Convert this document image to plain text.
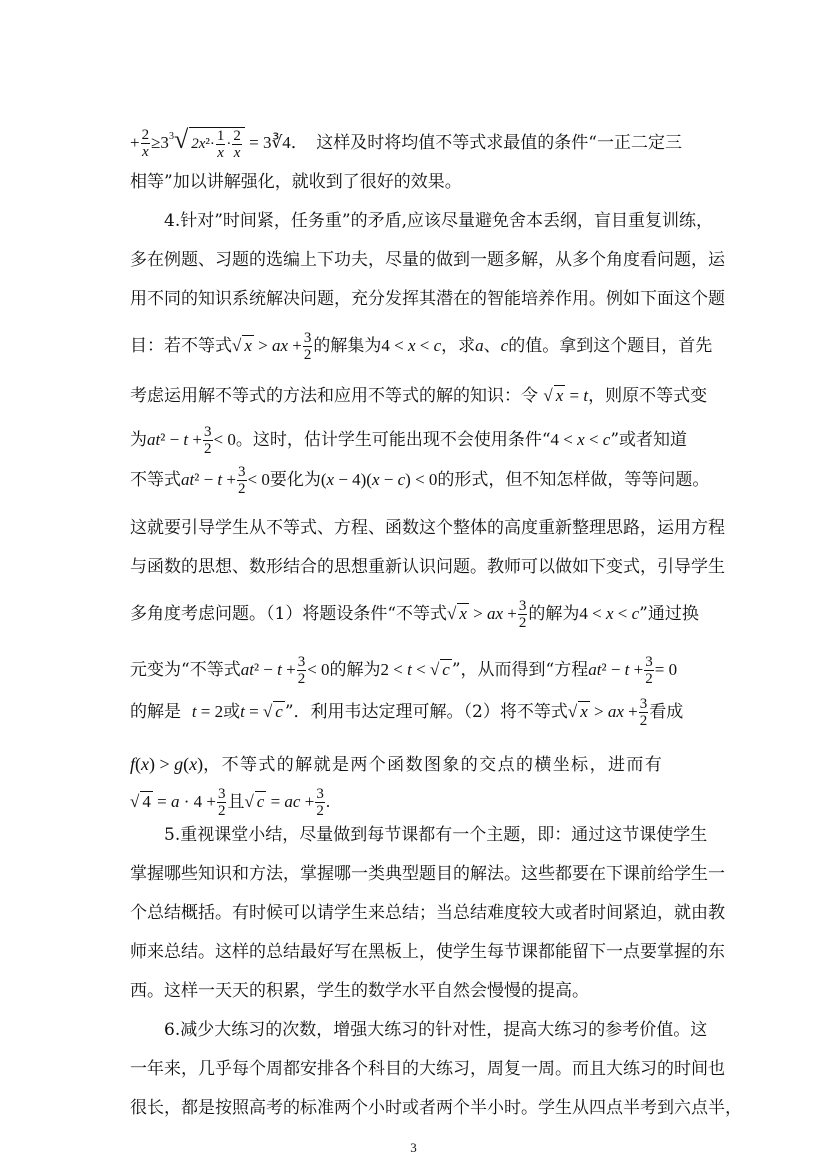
+ $\frac{2}{x} \ge 3^3√$ $2x^2\cdot \frac{1}{x} \cdot \frac{2}{x}$ = 3∛4．　这样及时将均值不等式求最值的条件“一正二定三
相等”加以讲解强化，就收到了很好的效果。
4.针对”时间紧，任务重”的矛盾,应该尽量避免舍本丢纲，盲目重复训练，
多在例题、习题的选编上下功夫，尽量的做到一题多解，从多个角度看问题，运
用不同的知识系统解决问题，充分发挥其潜在的智能培养作用。例如下面这个题
目：若不等式√ x > ax + $\frac{3}{2}$ 的解集为4 < x < c，求a、c的值。拿到这个题目，首先
考虑运用解不等式的方法和应用不等式的解的知识：令 √ x = t，则原不等式变
为$at^2 - t + \frac{3}{2} < 0$。这时，估计学生可能出现不会使用条件“4 < x < c”或者知道
不等式$at^2 - t + \frac{3}{2} < 0$要化为(x − 4)(x − c) < 0的形式，但不知怎样做，等等问题。
这就要引导学生从不等式、方程、函数这个整体的高度重新整理思路，运用方程
与函数的思想、数形结合的思想重新认识问题。教师可以做如下变式，引导学生
多角度考虑问题。（1）将题设条件“不等式√ x > ax + $\frac{3}{2}$ 的解为4 < x < c”通过换
元变为“不等式$at^2 - t + \frac{3}{2} < 0$的解为2 < t < √ c ”，从而得到“方程$at^2 - t + \frac{3}{2} = 0$
的解是 t = 2或t = √ c ”．利用韦达定理可解。（2）将不等式√ x > ax + $\frac{3}{2}$ 看成
f(x) > g(x)，不等式的解就是两个函数图象的交点的横坐标，进而有
√ $4 = a \cdot 4 + \frac{3}{2}$ 且√ c = ac + $\frac{3}{2}$ .
5.重视课堂小结，尽量做到每节课都有一个主题，即：通过这节课使学生
掌握哪些知识和方法，掌握哪一类典型题目的解法。这些都要在下课前给学生一
个总结概括。有时候可以请学生来总结；当总结难度较大或者时间紧迫，就由教
师来总结。这样的总结最好写在黑板上，使学生每节课都能留下一点要掌握的东
西。这样一天天的积累，学生的数学水平自然会慢慢的提高。
6.减少大练习的次数，增强大练习的针对性，提高大练习的参考价值。这
一年来，几乎每个周都安排各个科目的大练习，周复一周。而且大练习的时间也
很长，都是按照高考的标准两个小时或者两个半小时。学生从四点半考到六点半，
3
